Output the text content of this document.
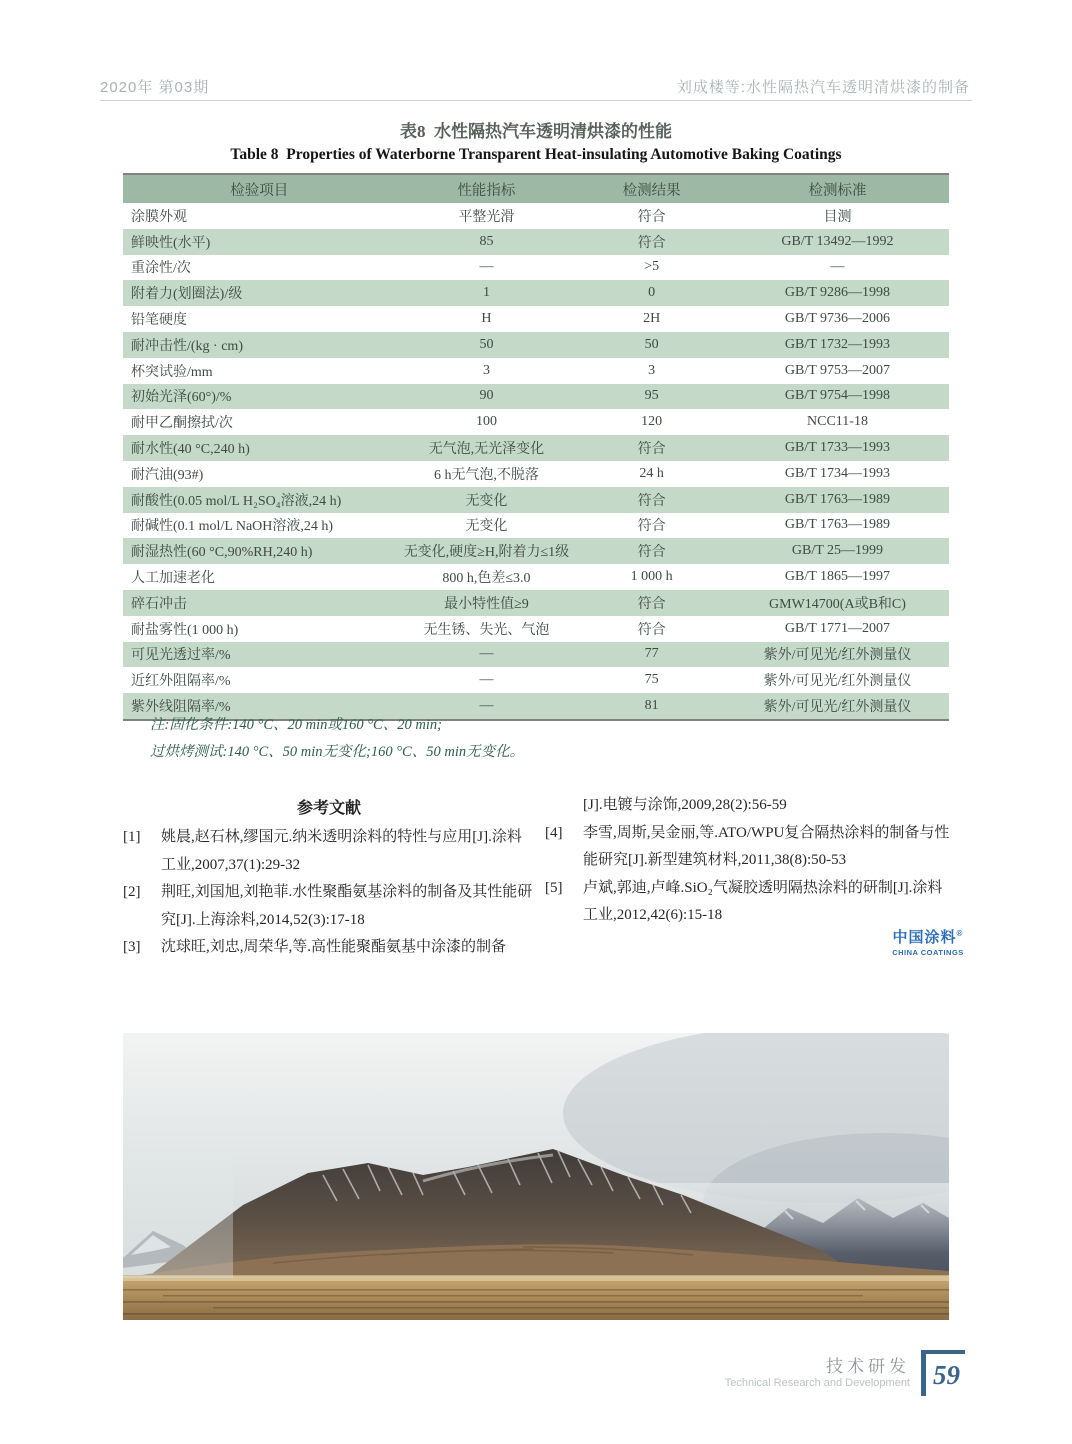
2020年 第03期	刘成楼等:水性隔热汽车透明清烘漆的制备
表8  水性隔热汽车透明清烘漆的性能
Table 8  Properties of Waterborne Transparent Heat-insulating Automotive Baking Coatings
检验项目	性能指标	检测结果	检测标准
涂膜外观	平整光滑	符合	目测
鲜映性(水平)	85	符合	GB/T 13492—1992
重涂性/次	—	>5	—
附着力(划圈法)/级	1	0	GB/T 9286—1998
铅笔硬度	H	2H	GB/T 9736—2006
耐冲击性/(kg · cm)	50	50	GB/T 1732—1993
杯突试验/mm	3	3	GB/T 9753—2007
初始光泽(60°)/%	90	95	GB/T 9754—1998
耐甲乙酮擦拭/次	100	120	NCC11-18
耐水性(40 °C,240 h)	无气泡,无光泽变化	符合	GB/T 1733—1993
耐汽油(93#)	6 h无气泡,不脱落	24 h	GB/T 1734—1993
耐酸性(0.05 mol/L H₂SO₄溶液,24 h)	无变化	符合	GB/T 1763—1989
耐碱性(0.1 mol/L NaOH溶液,24 h)	无变化	符合	GB/T 1763—1989
耐湿热性(60 °C,90%RH,240 h)	无变化,硬度≥H,附着力≤1级	符合	GB/T 25—1999
人工加速老化	800 h,色差≤3.0	1 000 h	GB/T 1865—1997
碎石冲击	最小特性值≥9	符合	GMW14700(A或B和C)
耐盐雾性(1 000 h)	无生锈、失光、气泡	符合	GB/T 1771—2007
可见光透过率/%	—	77	紫外/可见光/红外测量仪
近红外阻隔率/%	—	75	紫外/可见光/红外测量仪
紫外线阻隔率/%	—	81	紫外/可见光/红外测量仪
注:固化条件:140 °C、20 min或160 °C、20 min;
过烘烤测试:140 °C、50 min无变化;160 °C、50 min无变化。
参考文献
[1] 姚晨,赵石林,缪国元.纳米透明涂料的特性与应用[J].涂料工业,2007,37(1):29-32
[2] 荆旺,刘国旭,刘艳菲.水性聚酯氨基涂料的制备及其性能研究[J].上海涂料,2014,52(3):17-18
[3] 沈球旺,刘忠,周荣华,等.高性能聚酯氨基中涂漆的制备
[J].电镀与涂饰,2009,28(2):56-59
[4] 李雪,周斯,吴金丽,等.ATO/WPU复合隔热涂料的制备与性能研究[J].新型建筑材料,2011,38(8):50-53
[5] 卢斌,郭迪,卢峰.SiO₂气凝胶透明隔热涂料的研制[J].涂料工业,2012,42(6):15-18
中国涂料®
CHINA COATINGS
技术研发
Technical Research and Development 59
